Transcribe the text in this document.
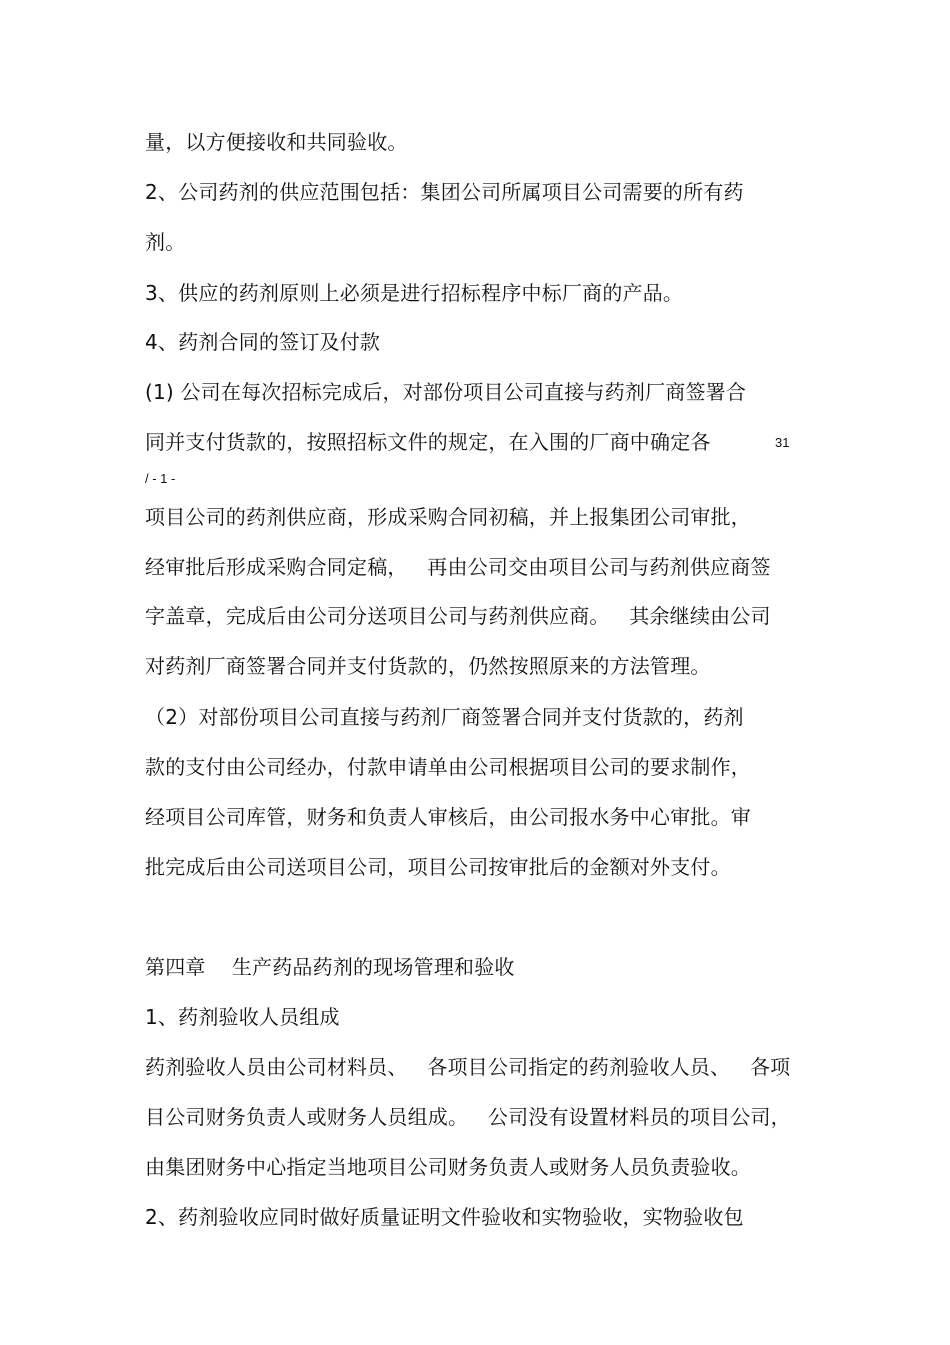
量，以方便接收和共同验收。
2、公司药剂的供应范围包括：集团公司所属项目公司需要的所有药
剂。
3、供应的药剂原则上必须是进行招标程序中标厂商的产品。
4、药剂合同的签订及付款
(1) 公司在每次招标完成后，对部份项目公司直接与药剂厂商签署合
同并支付货款的，按照招标文件的规定，在入围的厂商中确定各	31
/ - 1 -
项目公司的药剂供应商，形成采购合同初稿，并上报集团公司审批，
经审批后形成采购合同定稿，   再由公司交由项目公司与药剂供应商签
字盖章，完成后由公司分送项目公司与药剂供应商。   其余继续由公司
对药剂厂商签署合同并支付货款的，仍然按照原来的方法管理。
（2）对部份项目公司直接与药剂厂商签署合同并支付货款的，药剂
款的支付由公司经办，付款申请单由公司根据项目公司的要求制作，
经项目公司库管，财务和负责人审核后，由公司报水务中心审批。审
批完成后由公司送项目公司，项目公司按审批后的金额对外支付。
第四章    生产药品药剂的现场管理和验收
1、药剂验收人员组成
药剂验收人员由公司材料员、   各项目公司指定的药剂验收人员、   各项
目公司财务负责人或财务人员组成。   公司没有设置材料员的项目公司，
由集团财务中心指定当地项目公司财务负责人或财务人员负责验收。
2、药剂验收应同时做好质量证明文件验收和实物验收，实物验收包
